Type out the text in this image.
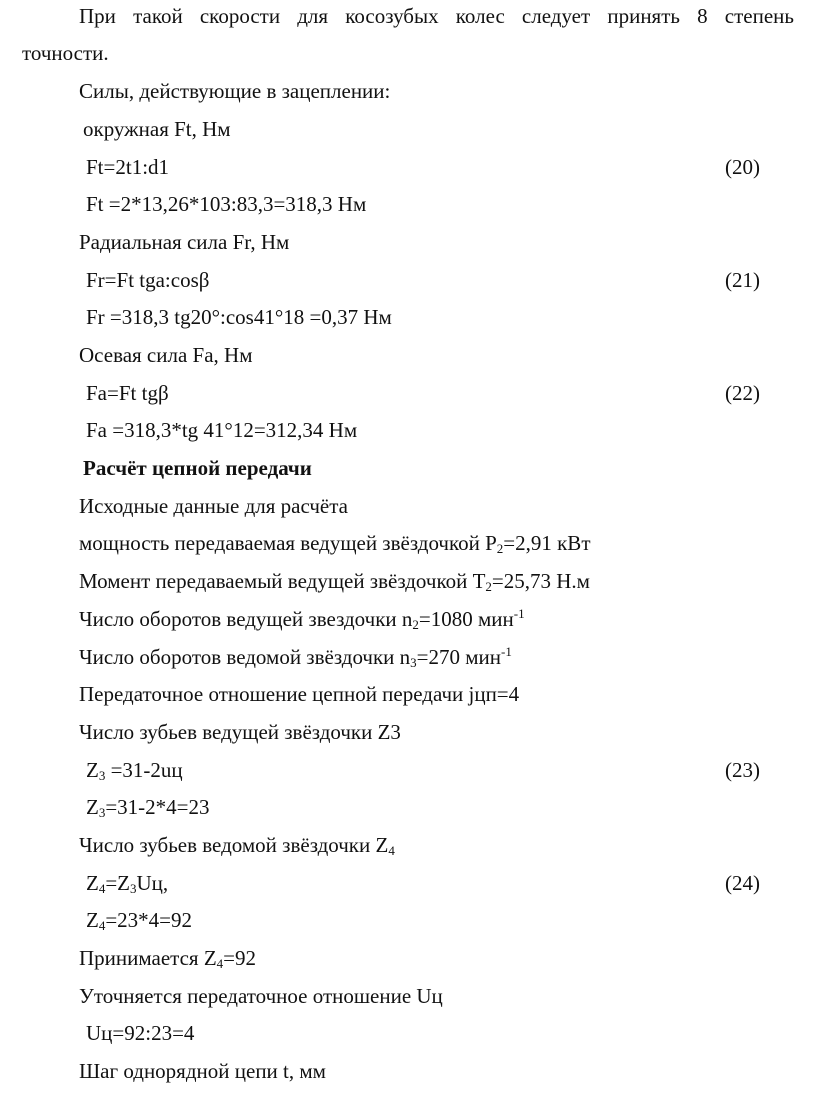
При такой скорости для косозубых колес следует принять 8 степень
точности.
Силы, действующие в зацеплении:
окружная Ft, Нм
Ft=2t1:d1	(20)
Ft =2*13,26*103:83,3=318,3 Нм
Радиальная сила Fr, Нм
Fr=Ft tga:cosβ	(21)
Fr =318,3 tg20°:cos41°18 =0,37 Нм
Осевая сила Fa, Нм
Fa=Ft tgβ	(22)
Fa =318,3*tg 41°12=312,34 Нм
Расчёт цепной передачи
Исходные данные для расчёта
мощность передаваемая ведущей звёздочкой $P_2=2,91$ кВт
Момент передаваемый ведущей звёздочкой $T_2=25,73$ Н.м
Число оборотов ведущей звездочки $n_2=1080$ мин$^{-1}$
Число оборотов ведомой звёздочки $n_3=270$ мин$^{-1}$
Передаточное отношение цепной передачи jцп=4
Число зубьев ведущей звёздочки Z3
$Z_3 =31-2uц$	(23)
$Z_3=31-2*4=23$
Число зубьев ведомой звёздочки $Z_4$
$Z_4=Z_3Uц$,	(24)
$Z_4=23*4=92$
Принимается $Z_4=92$
Уточняется передаточное отношение Uц
Uц=92:23=4
Шаг однорядной цепи t, мм
